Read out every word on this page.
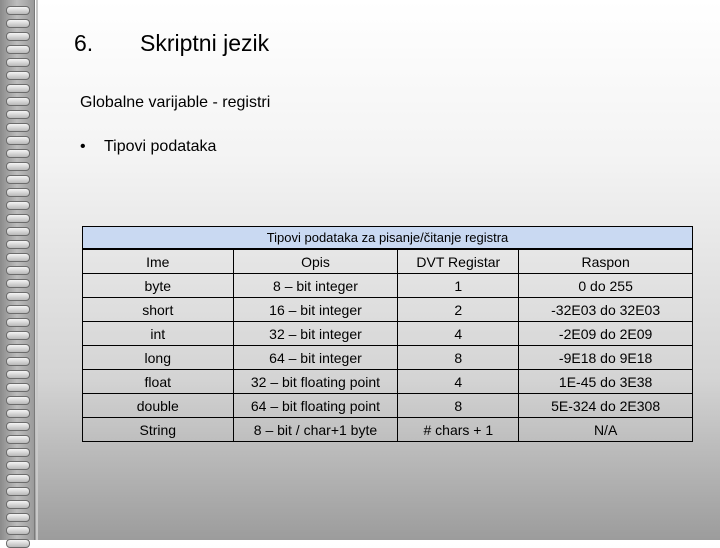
6. Skriptni jezik
Globalne varijable - registri
• Tipovi podataka
Tipovi podataka za pisanje/čitanje registra			
Ime	Opis	DVT Registar	Raspon
byte	8 – bit integer	1	0 do 255
short	16 – bit integer	2	-32E03 do 32E03
int	32 – bit integer	4	-2E09 do 2E09
long	64 – bit integer	8	-9E18 do 9E18
float	32 – bit floating point	4	1E-45 do 3E38
double	64 – bit floating point	8	5E-324 do 2E308
String	8 – bit / char+1 byte	# chars + 1	N/A
